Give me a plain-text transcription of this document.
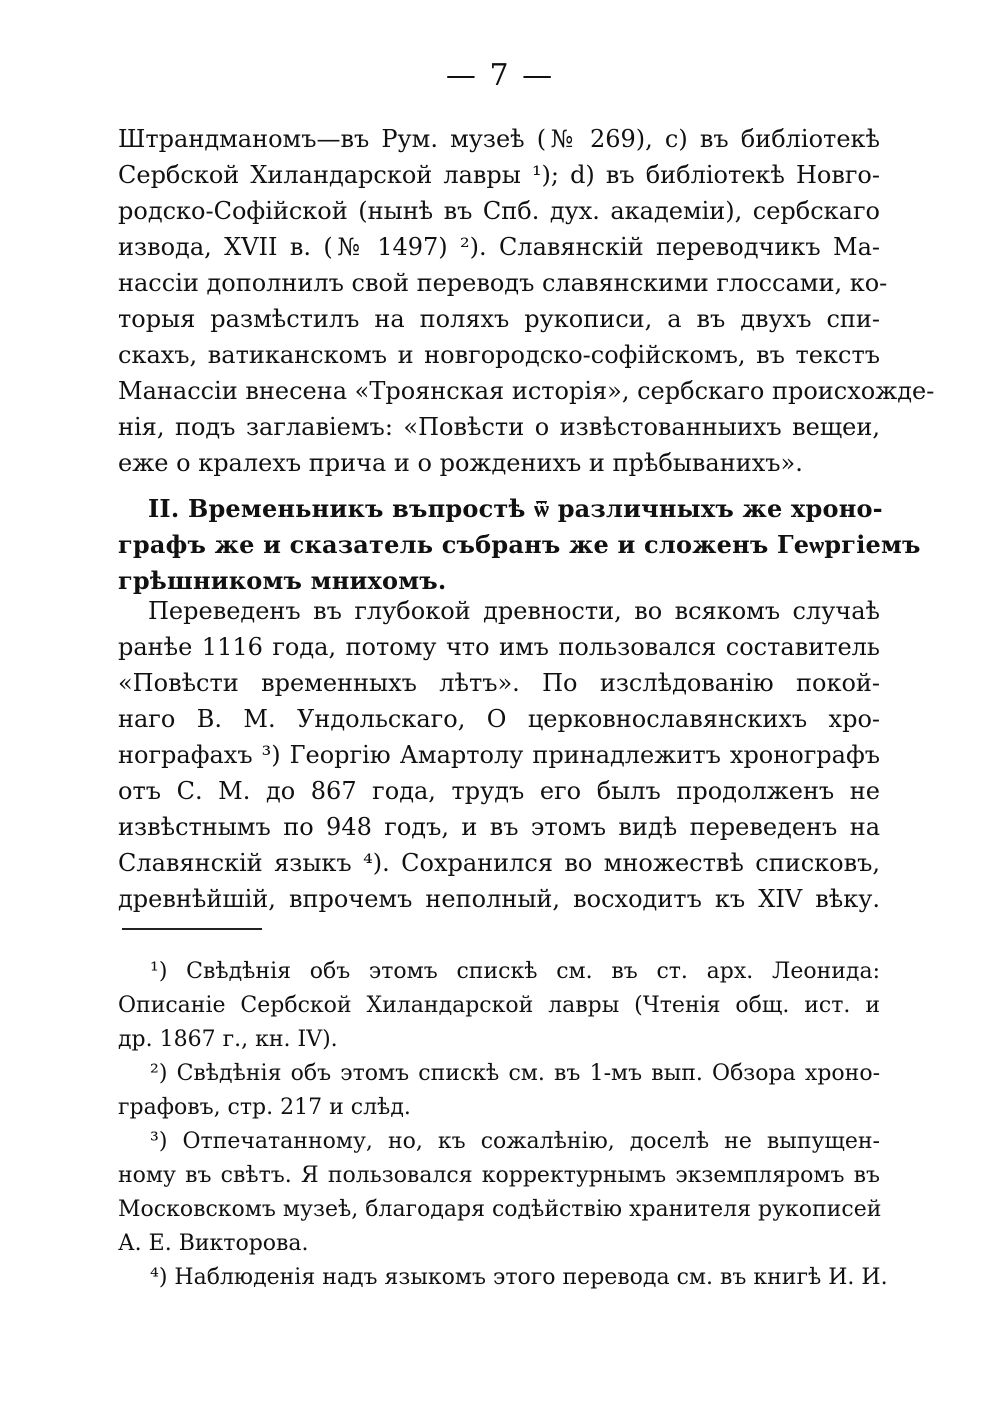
— 7 —
Штрандманомъ—въ Рум. музеѣ (№ 269), c) въ библіотекѣ
Сербской Хиландарской лавры ¹); d) въ библіотекѣ Новго-
родско-Софійской (нынѣ въ Спб. дух. академіи), сербскаго
извода, XVII в. (№ 1497) ²). Славянскій переводчикъ Ма-
нассіи дополнилъ свой переводъ славянскими глоссами, ко-
торыя размѣстилъ на поляхъ рукописи, а въ двухъ спи-
скахъ, ватиканскомъ и новгородско-софійскомъ, въ текстъ
Манассіи внесена «Троянская исторія», сербскаго происхожде-
нія, подъ заглавіемъ: «Повѣсти о извѣстованныихъ вещеи,
еже о кралехъ прича и о рожденихъ и прѣбыванихъ».
II. Временьникъ въпростѣ ѿ различныхъ же хроно-
графъ же и сказатель събранъ же и сложенъ Геѡргіемъ
грѣшникомъ мнихомъ.
Переведенъ въ глубокой древности, во всякомъ случаѣ
ранѣе 1116 года, потому что имъ пользовался составитель
«Повѣсти временныхъ лѣтъ». По изслѣдованію покой-
наго В. М. Ундольскаго, О церковнославянскихъ хро-
нографахъ ³) Георгію Амартолу принадлежитъ хронографъ
отъ С. М. до 867 года, трудъ его былъ продолженъ не
извѣстнымъ по 948 годъ, и въ этомъ видѣ переведенъ на
Славянскій языкъ ⁴). Сохранился во множествѣ списковъ,
древнѣйшій, впрочемъ неполный, восходитъ къ XIV вѣку.
¹) Свѣдѣнія объ этомъ спискѣ см. въ ст. арх. Леонида:
Описаніе Сербской Хиландарской лавры (Чтенія общ. ист. и
др. 1867 г., кн. IV).
²) Свѣдѣнія объ этомъ спискѣ см. въ 1-мъ вып. Обзора хроно-
графовъ, стр. 217 и слѣд.
³) Отпечатанному, но, къ сожалѣнію, доселѣ не выпущен-
ному въ свѣтъ. Я пользовался корректурнымъ экземпляромъ въ
Московскомъ музеѣ, благодаря содѣйствію хранителя рукописей
А. Е. Викторова.
⁴) Наблюденія надъ языкомъ этого перевода см. въ книгѣ И. И.
